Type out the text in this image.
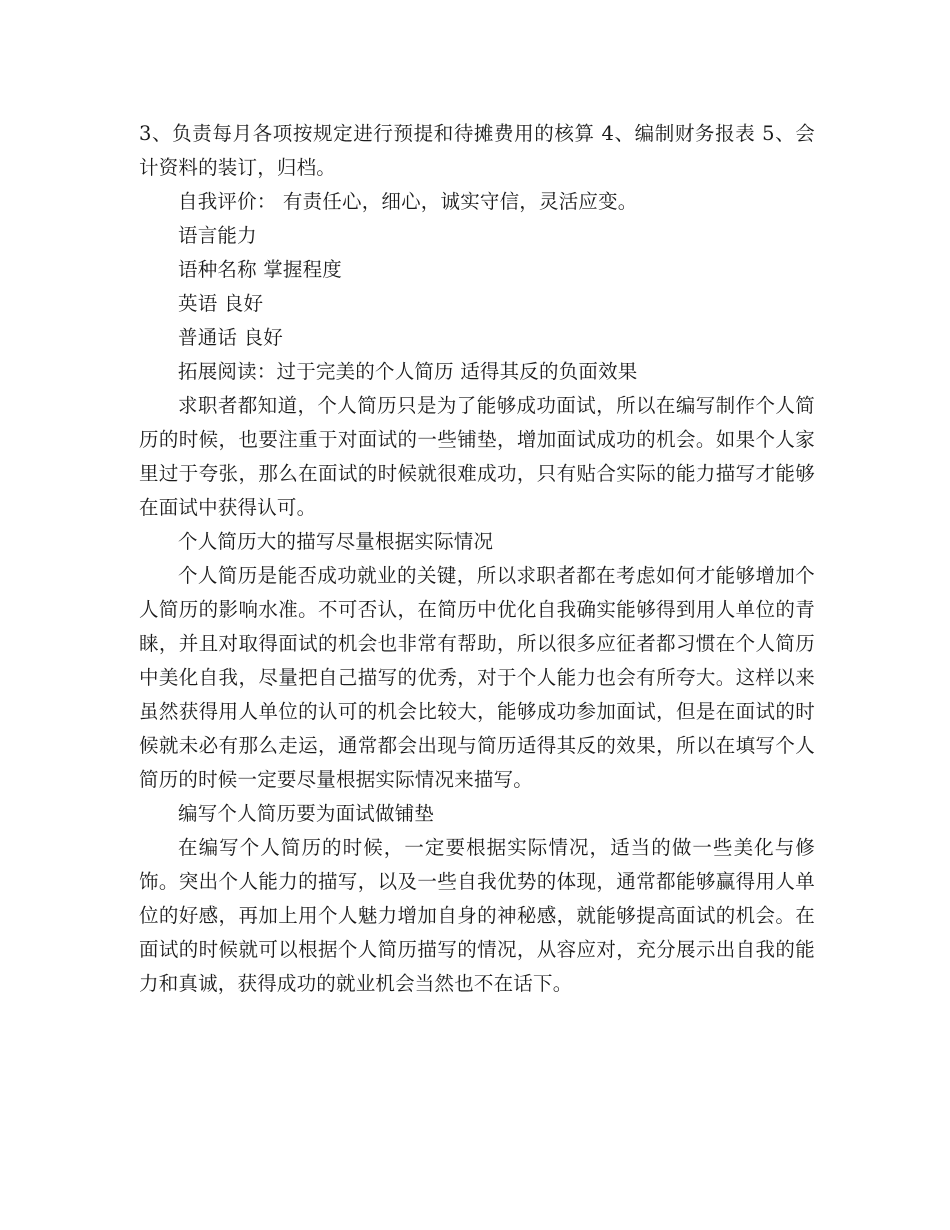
3、负责每月各项按规定进行预提和待摊费用的核算 4、编制财务报表 5、会计资料的装订，归档。

自我评价： 有责任心，细心，诚实守信，灵活应变。

语言能力

语种名称 掌握程度

英语 良好

普通话 良好

拓展阅读：过于完美的个人简历 适得其反的负面效果

求职者都知道，个人简历只是为了能够成功面试，所以在编写制作个人简历的时候，也要注重于对面试的一些铺垫，增加面试成功的机会。如果个人家里过于夸张，那么在面试的时候就很难成功，只有贴合实际的能力描写才能够在面试中获得认可。

个人简历大的描写尽量根据实际情况

个人简历是能否成功就业的关键，所以求职者都在考虑如何才能够增加个人简历的影响水准。不可否认，在简历中优化自我确实能够得到用人单位的青睐，并且对取得面试的机会也非常有帮助，所以很多应征者都习惯在个人简历中美化自我，尽量把自己描写的优秀，对于个人能力也会有所夸大。这样以来虽然获得用人单位的认可的机会比较大，能够成功参加面试，但是在面试的时候就未必有那么走运，通常都会出现与简历适得其反的效果，所以在填写个人简历的时候一定要尽量根据实际情况来描写。

编写个人简历要为面试做铺垫

在编写个人简历的时候，一定要根据实际情况，适当的做一些美化与修饰。突出个人能力的描写，以及一些自我优势的体现，通常都能够赢得用人单位的好感，再加上用个人魅力增加自身的神秘感，就能够提高面试的机会。在面试的时候就可以根据个人简历描写的情况，从容应对，充分展示出自我的能力和真诚，获得成功的就业机会当然也不在话下。
